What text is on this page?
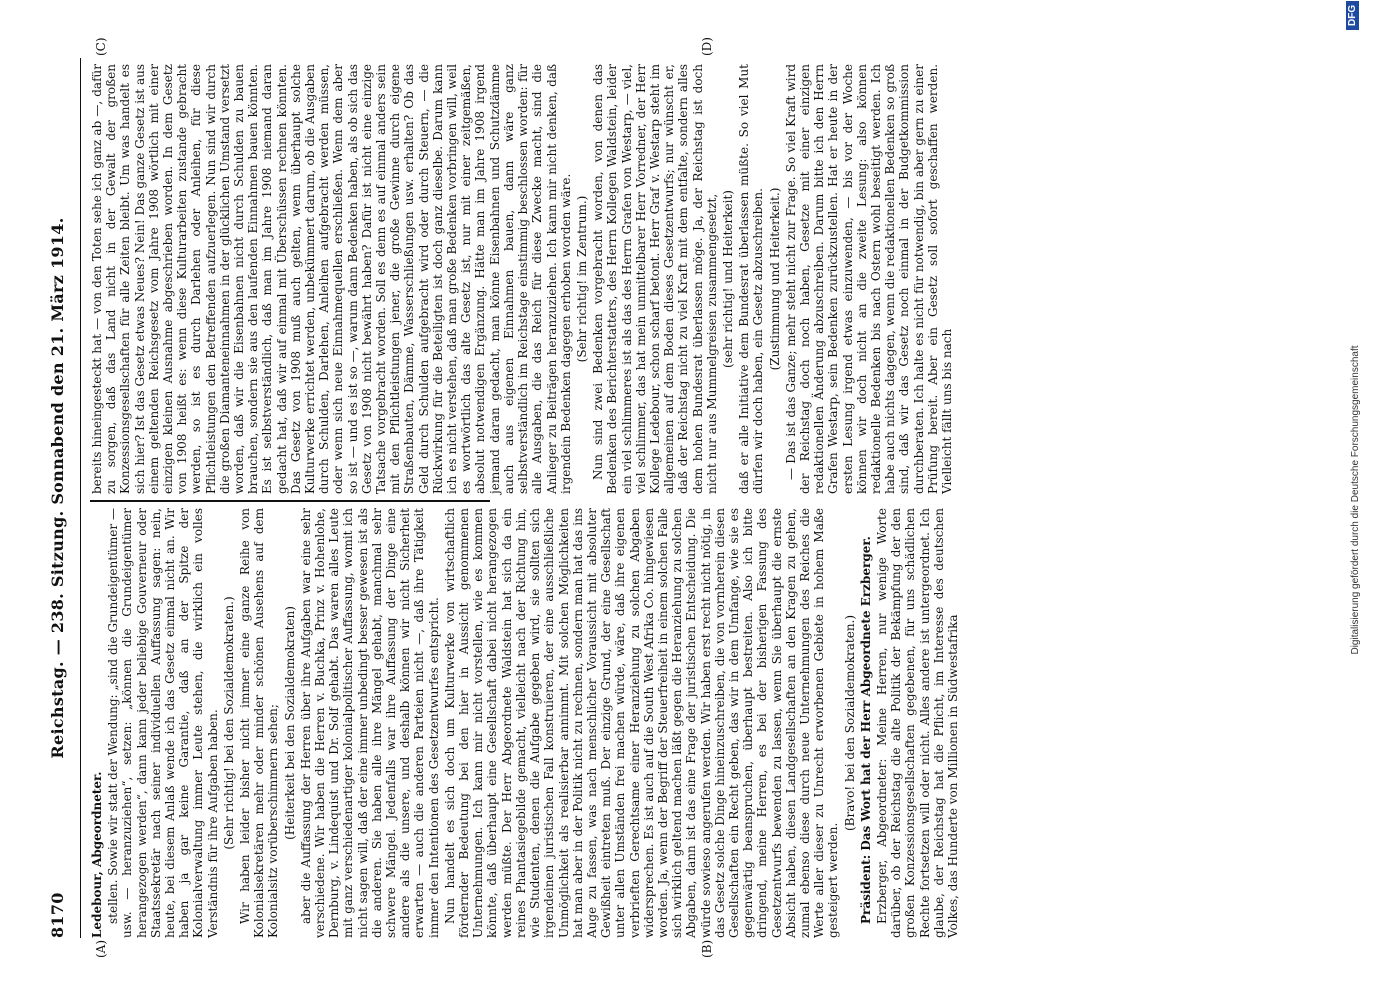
8170
Reichstag. — 238. Sitzung. Sonnabend den 21. März 1914.
(A)	(B)
(C)	(D)

Ledebour, Abgeordneter. stellen. Sowie wir statt der Wendung: „sind die Grundeigentümer — usw. — heranzuziehen“, setzen: „können die Grundeigentümer herangezogen werden“, dann kann jeder beliebige Gouverneur oder Staatssekretär nach seiner individuellen Auffassung sagen: nein, heute, bei diesem Anlaß wende ich das Gesetz einmal nicht an. Wir haben ja gar keine Garantie, daß an der Spitze der Kolonialverwaltung immer Leute stehen, die wirklich ein volles Verständnis für ihre Aufgaben haben. (Sehr richtig! bei den Sozialdemokraten.) Wir haben leider bisher nicht immer eine ganze Reihe von Kolonialsekretären mehr oder minder schönen Ausehens auf dem Kolonialsitz vorüberschimmern sehen; (Heiterkeit bei den Sozialdemokraten) aber die Auffassung der Herren über ihre Aufgaben war eine sehr verschiedene. Wir haben die Herren v. Buchka, Prinz v. Hohenlohe, Dernburg, v. Lindequist und Dr. Solf gehabt. Das waren alles Leute mit ganz verschiedenartiger kolonialpolitischer Auffassung, womit ich nicht sagen will, daß der eine immer unbedingt besser gewesen ist als die anderen. Sie haben alle ihre Mängel gehabt, manchmal sehr schwere Mängel. Jedenfalls war ihre Auffassung der Dinge eine andere als die unsere, und deshalb können wir nicht Sicherheit erwarten — auch die anderen Parteien nicht —, daß ihre Tätigkeit immer den Intentionen des Gesetzentwurfes entspricht. Nun handelt es sich doch um Kulturwerke von wirtschaftlich fördernder Bedeutung bei den hier in Aussicht genommenen Unternehmungen. Ich kann mir nicht vorstellen, wie es kommen könnte, daß überhaupt eine Gesellschaft dabei nicht herangezogen werden müßte. Der Herr Abgeordnete Waldstein hat sich da ein reines Phantasiegebilde gemacht, vielleicht nach der Richtung hin, wie Studenten, denen die Aufgabe gegeben wird, sie sollten sich irgendeinen juristischen Fall konstruieren, der eine ausschließliche Unmöglichkeit als realisierbar annimmt. Mit solchen Möglichkeiten hat man aber in der Politik nicht zu rechnen, sondern man hat das ins Auge zu fassen, was nach menschlicher Voraussicht mit absoluter Gewißheit eintreten muß. Der einzige Grund, der eine Gesellschaft unter allen Umständen frei machen würde, wäre, daß ihre eigenen verbrieften Gerechtsame einer Heranziehung zu solchen Abgaben widersprechen. Es ist auch auf die South West Afrika Co. hingewiesen worden. Ja, wenn der Begriff der Steuerfreiheit in einem solchen Falle sich wirklich geltend machen läßt gegen die Heranziehung zu solchen Abgaben, dann ist das eine Frage der juristischen Entscheidung. Die würde sowieso angerufen werden. Wir haben erst recht nicht nötig, in das Gesetz solche Dinge hineinzuschreiben, die von vornherein diesen Gesellschaften ein Recht geben, das wir in dem Umfange, wie sie es gegenwärtig beanspruchen, überhaupt bestreiten. Also ich bitte dringend, meine Herren, es bei der bisherigen Fassung des Gesetzentwurfs bewenden zu lassen, wenn Sie überhaupt die ernste Absicht haben, diesen Landgesellschaften an den Kragen zu gehen, zumal ebenso diese durch neue Unternehmungen des Reiches die Werte aller dieser zu Unrecht erworbenen Gebiete in hohem Maße gesteigert werden.

(Bravo! bei den Sozialdemokraten.) Präsident: Das Wort hat der Herr Abgeordnete Erzberger. Erzberger, Abgeordneter: Meine Herren, nur wenige Worte darüber, ob der Reichstag die alte Politik der Bekämpfung der den großen Konzessionsgesellschaften gegebenen, für uns schädlichen Rechte fortsetzen will oder nicht. Alles andere ist untergeordnet. Ich glaube, der Reichstag hat die Pflicht, im Interesse des deutschen Volkes, das Hunderte von Millionen in Südwestafrika

bereits hineingesteckt hat — von den Toten sehe ich ganz ab —, dafür zu sorgen, daß das Land nicht in der Gewalt der großen Konzessionsgesellschaften für alle Zeiten bleibt. Um was handelt es sich hier? Ist das Gesetz etwas Neues? Nein! Das ganze Gesetz ist aus einem geltenden Reichsgesetz vom Jahre 1908 wörtlich mit einer einzigen kleinen Ausnahme abgeschrieben worden. In dem Gesetz von 1908 heißt es: wenn diese Kulturarbeiten zustande gebracht werden, so ist es durch Darlehen oder Anleihen, für diese Pflichtleistungen den Betreffenden aufzuerlegen. Nun sind wir durch die großen Diamanteneinnahmen in der glücklichen Umstand versetzt worden, daß wir die Eisenbahnen nicht durch Schulden zu bauen brauchen, sondern sie aus den laufenden Einnahmen bauen könnten. Es ist selbstverständlich, daß man im Jahre 1908 niemand daran gedacht hat, daß wir auf einmal mit Überschüssen rechnen könnten. Das Gesetz von 1908 muß auch gelten, wenn überhaupt solche Kulturwerke errichtet werden, unbekümmert darum, ob die Ausgaben durch Schulden, Darlehen, Anleihen aufgebracht werden müssen, oder wenn sich neue Einnahmequellen erschließen. Wenn dem aber so ist — und es ist so —, warum dann Bedenken haben, als ob sich das Gesetz von 1908 nicht bewährt haben? Dafür ist nicht eine einzige Tatsache vorgebracht worden. Soll es denn es auf einmal anders sein mit den Pflichtleistungen jener, die große Gewinne durch eigene Straßenbauten, Dämme, Wasserschließungen usw. erhalten? Ob das Geld durch Schulden aufgebracht wird oder durch Steuern, — die Rückwirkung für die Beteiligten ist doch ganz dieselbe. Darum kann ich es nicht verstehen, daß man große Bedenken vorbringen will, weil es wortwörtlich das alte Gesetz ist, nur mit einer zeitgemäßen, absolut notwendigen Ergänzung. Hätte man im Jahre 1908 irgend jemand daran gedacht, man könne Eisenbahnen und Schutzdämme auch aus eigenen Einnahmen bauen, dann wäre ganz selbstverständlich im Reichstage einstimmig beschlossen worden: für alle Ausgaben, die das Reich für diese Zwecke macht, sind die Anlieger zu Beiträgen heranzuziehen. Ich kann mir nicht denken, daß irgendein Bedenken dagegen erhoben worden wäre. (Sehr richtig! im Zentrum.) Nun sind zwei Bedenken vorgebracht worden, von denen das Bedenken des Berichterstatters, des Herrn Kollegen Waldstein, leider ein viel schlimmeres ist als das des Herrn Grafen von Westarp, — viel, viel schlimmer, das hat mein unmittelbarer Herr Vorredner, der Herr Kollege Ledebour, schon scharf betont. Herr Graf v. Westarp steht im allgemeinen auf dem Boden dieses Gesetzentwurfs; nur wünscht er, daß der Reichstag nicht zu viel Kraft mit dem entfalte, sondern alles dem hohen Bundesrat überlassen möge. Ja, der Reichstag ist doch nicht nur aus Mummelgreisen zusammengesetzt, (sehr richtig! und Heiterkeit) daß er alle Initiative dem Bundesrat überlassen müßte. So viel Mut dürfen wir doch haben, ein Gesetz abzuschreiben. (Zustimmung und Heiterkeit.) — Das ist das Ganze; mehr steht nicht zur Frage. So viel Kraft wird der Reichstag doch noch haben, Gesetze mit einer einzigen redaktionellen Änderung abzuschreiben. Darum bitte ich den Herrn Grafen Westarp, sein Bedenken zurückzustellen. Hat er heute in der ersten Lesung irgend etwas einzuwenden, — bis vor der Woche können wir doch nicht an die zweite Lesung: also können redaktionelle Bedenken bis nach Ostern wohl beseitigt werden. Ich habe auch nichts dagegen, wenn die redaktionellen Bedenken so groß sind, daß wir das Gesetz noch einmal in der Budgetkommission durchberaten. Ich halte es nicht für notwendig, bin aber gern zu einer Prüfung bereit. Aber ein Gesetz soll sofort geschaffen werden. Vielleicht fällt uns bis nach	Digitalisierung gefördert durch die Deutsche Forschungsgemeinschaft
DFG
